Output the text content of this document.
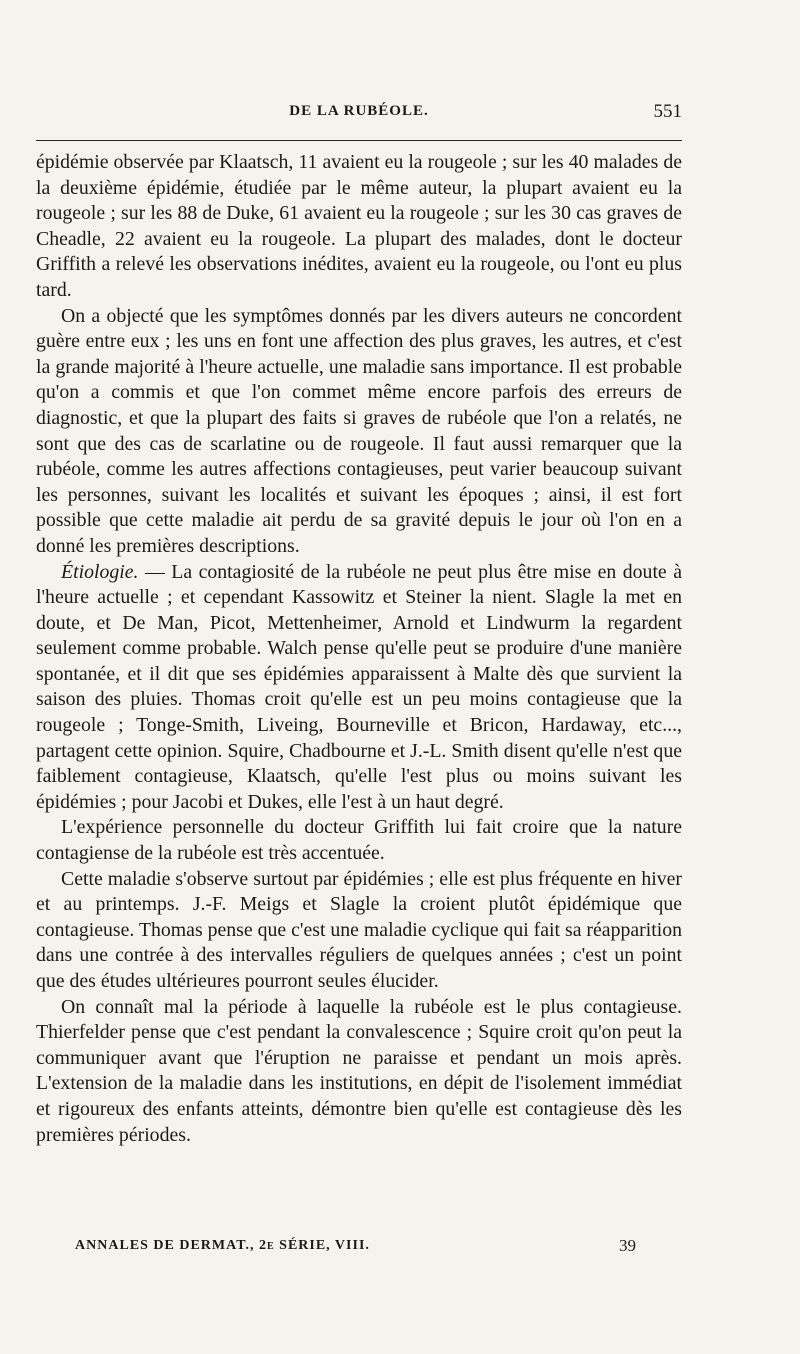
DE LA RUBÉOLE.	551

épidémie observée par Klaatsch, 11 avaient eu la rougeole ; sur les 40 malades de la deuxième épidémie, étudiée par le même auteur, la plupart avaient eu la rougeole ; sur les 88 de Duke, 61 avaient eu la rougeole ; sur les 30 cas graves de Cheadle, 22 avaient eu la rougeole. La plupart des malades, dont le docteur Griffith a relevé les observations inédites, avaient eu la rougeole, ou l'ont eu plus tard.

On a objecté que les symptômes donnés par les divers auteurs ne concordent guère entre eux ; les uns en font une affection des plus graves, les autres, et c'est la grande majorité à l'heure actuelle, une maladie sans importance. Il est probable qu'on a commis et que l'on commet même encore parfois des erreurs de diagnostic, et que la plupart des faits si graves de rubéole que l'on a relatés, ne sont que des cas de scarlatine ou de rougeole. Il faut aussi remarquer que la rubéole, comme les autres affections contagieuses, peut varier beaucoup suivant les personnes, suivant les localités et suivant les époques ; ainsi, il est fort possible que cette maladie ait perdu de sa gravité depuis le jour où l'on en a donné les premières descriptions.

Étiologie. — La contagiosité de la rubéole ne peut plus être mise en doute à l'heure actuelle ; et cependant Kassowitz et Steiner la nient. Slagle la met en doute, et De Man, Picot, Mettenheimer, Arnold et Lindwurm la regardent seulement comme probable. Walch pense qu'elle peut se produire d'une manière spontanée, et il dit que ses épidémies apparaissent à Malte dès que survient la saison des pluies. Thomas croit qu'elle est un peu moins contagieuse que la rougeole ; Tonge-Smith, Liveing, Bourneville et Bricon, Hardaway, etc..., partagent cette opinion. Squire, Chadbourne et J.-L. Smith disent qu'elle n'est que faiblement contagieuse, Klaatsch, qu'elle l'est plus ou moins suivant les épidémies ; pour Jacobi et Dukes, elle l'est à un haut degré.

L'expérience personnelle du docteur Griffith lui fait croire que la nature contagiense de la rubéole est très accentuée.

Cette maladie s'observe surtout par épidémies ; elle est plus fréquente en hiver et au printemps. J.-F. Meigs et Slagle la croient plutôt épidémique que contagieuse. Thomas pense que c'est une maladie cyclique qui fait sa réapparition dans une contrée à des intervalles réguliers de quelques années ; c'est un point que des études ultérieures pourront seules élucider.

On connaît mal la période à laquelle la rubéole est le plus contagieuse. Thierfelder pense que c'est pendant la convalescence ; Squire croit qu'on peut la communiquer avant que l'éruption ne paraisse et pendant un mois après. L'extension de la maladie dans les institutions, en dépit de l'isolement immédiat et rigoureux des enfants atteints, démontre bien qu'elle est contagieuse dès les premières périodes.

ANNALES DE DERMAT., 2e SÉRIE, VIII.	39
